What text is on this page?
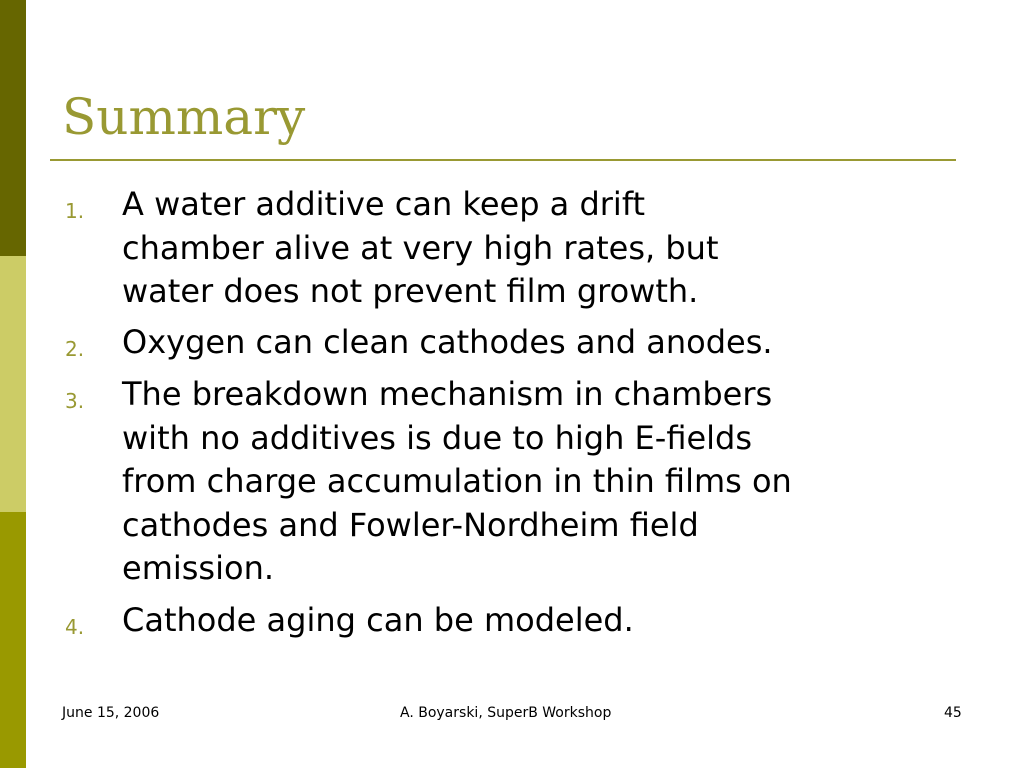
Summary
1. A water additive can keep a drift
chamber alive at very high rates, but
water does not prevent film growth.
2. Oxygen can clean cathodes and anodes.
3. The breakdown mechanism in chambers
with no additives is due to high E-fields
from charge accumulation in thin films on
cathodes and Fowler-Nordheim field
emission.
4. Cathode aging can be modeled.
June 15, 2006	A. Boyarski, SuperB Workshop	45
